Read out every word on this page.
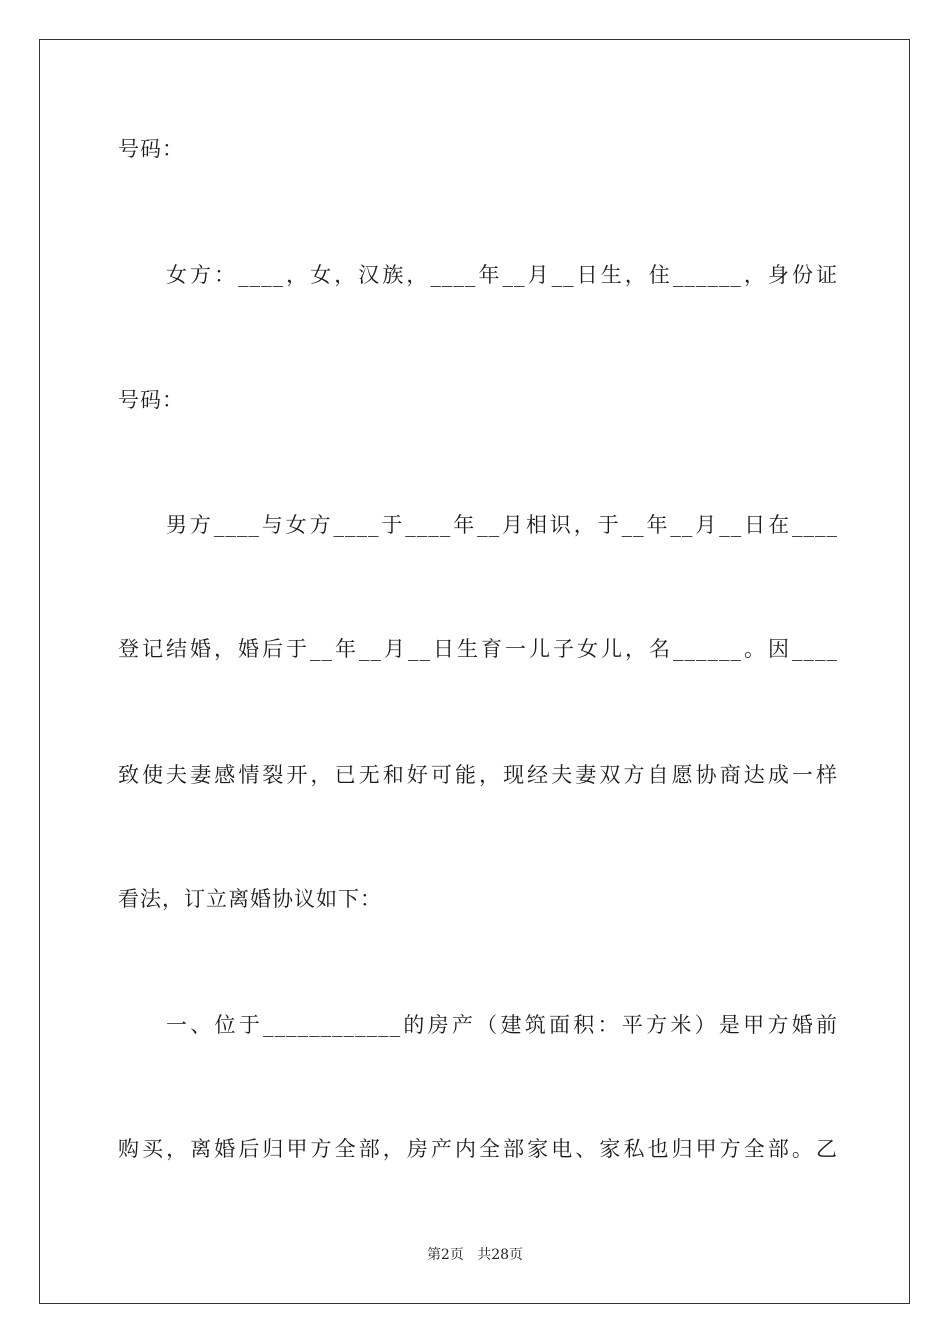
号码：
女方：____，女，汉族，____年__月__日生，住______，身份证
号码：
男方____与女方____于____年__月相识，于__年__月__日在____
登记结婚，婚后于__年__月__日生育一儿子女儿，名______。因____
致使夫妻感情裂开，已无和好可能，现经夫妻双方自愿协商达成一样
看法，订立离婚协议如下：
一、位于____________的房产（建筑面积：平方米）是甲方婚前
购买，离婚后归甲方全部，房产内全部家电、家私也归甲方全部。乙
第2页 共28页
